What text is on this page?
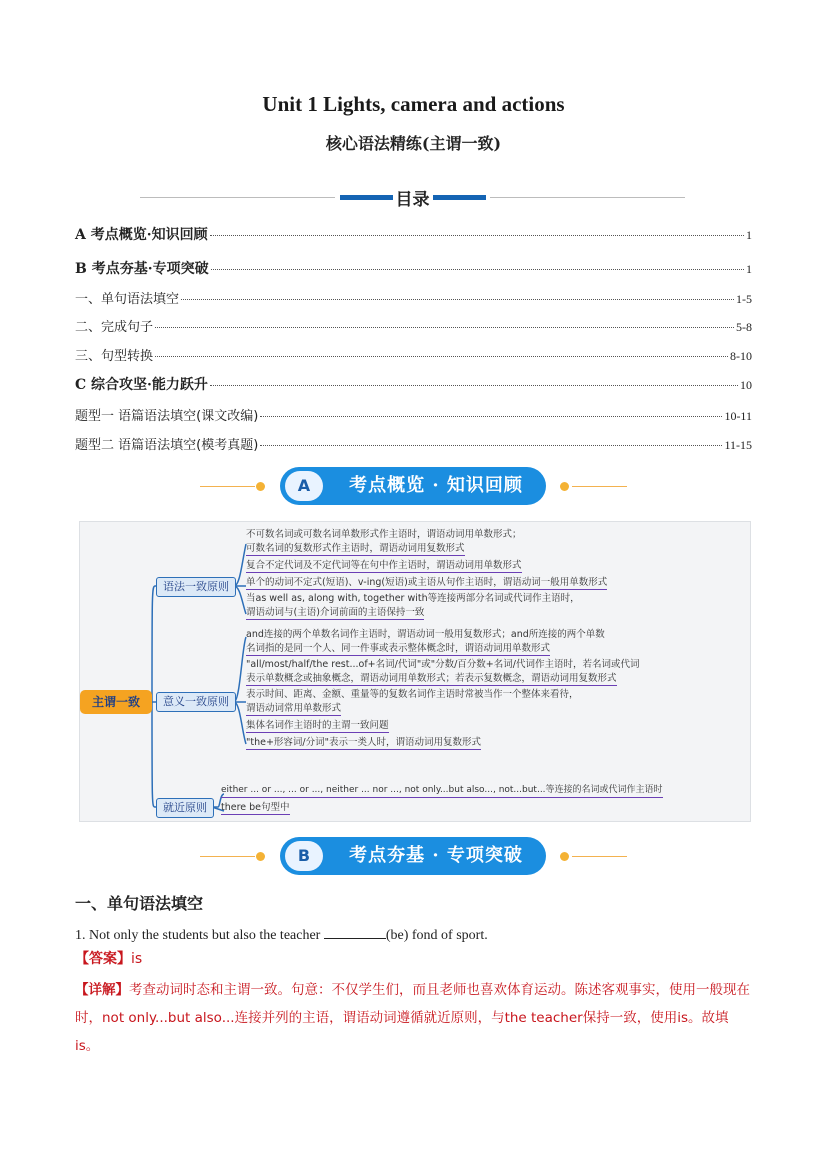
Unit 1 Lights, camera and actions
核心语法精练(主谓一致)
目录
A 考点概览·知识回顾	1
B 考点夯基·专项突破	1
一、单句语法填空	1-5
二、完成句子	5-8
三、句型转换	8-10
C 综合攻坚·能力跃升	10
题型一 语篇语法填空(课文改编)	10-11
题型二 语篇语法填空(模考真题)	11-15
A	考点概览 · 知识回顾
主谓一致
语法一致原则
不可数名词或可数名词单数形式作主语时，谓语动词用单数形式；
可数名词的复数形式作主语时，谓语动词用复数形式
复合不定代词及不定代词等在句中作主语时，谓语动词用单数形式
单个的动词不定式(短语)、v-ing(短语)或主语从句作主语时，谓语动词一般用单数形式
当as well as, along with, together with等连接两部分名词或代词作主语时，
谓语动词与(主语)介词前面的主语保持一致
意义一致原则
and连接的两个单数名词作主语时，谓语动词一般用复数形式；and所连接的两个单数
名词指的是同一个人、同一件事或表示整体概念时，谓语动词用单数形式
"all/most/half/the rest...of+名词/代词"或"分数/百分数+名词/代词作主语时，若名词或代词
表示单数概念或抽象概念，谓语动词用单数形式；若表示复数概念，谓语动词用复数形式
表示时间、距离、金额、重量等的复数名词作主语时常被当作一个整体来看待，
谓语动词常用单数形式
集体名词作主语时的主谓一致问题
"the+形容词/分词"表示一类人时，谓语动词用复数形式
就近原则
either ... or ..., ... or ..., neither ... nor ..., not only...but also..., not...but...等连接的名词或代词作主语时
there be句型中
B	考点夯基 · 专项突破
一、单句语法填空
1. Not only the students but also the teacher	(be) fond of sport.
【答案】is
【详解】考查动词时态和主谓一致。句意：不仅学生们，而且老师也喜欢体育运动。陈述客观事实，使用一般现在时，not only...but also...连接并列的主语，谓语动词遵循就近原则，与the teacher保持一致，使用is。故填is。
